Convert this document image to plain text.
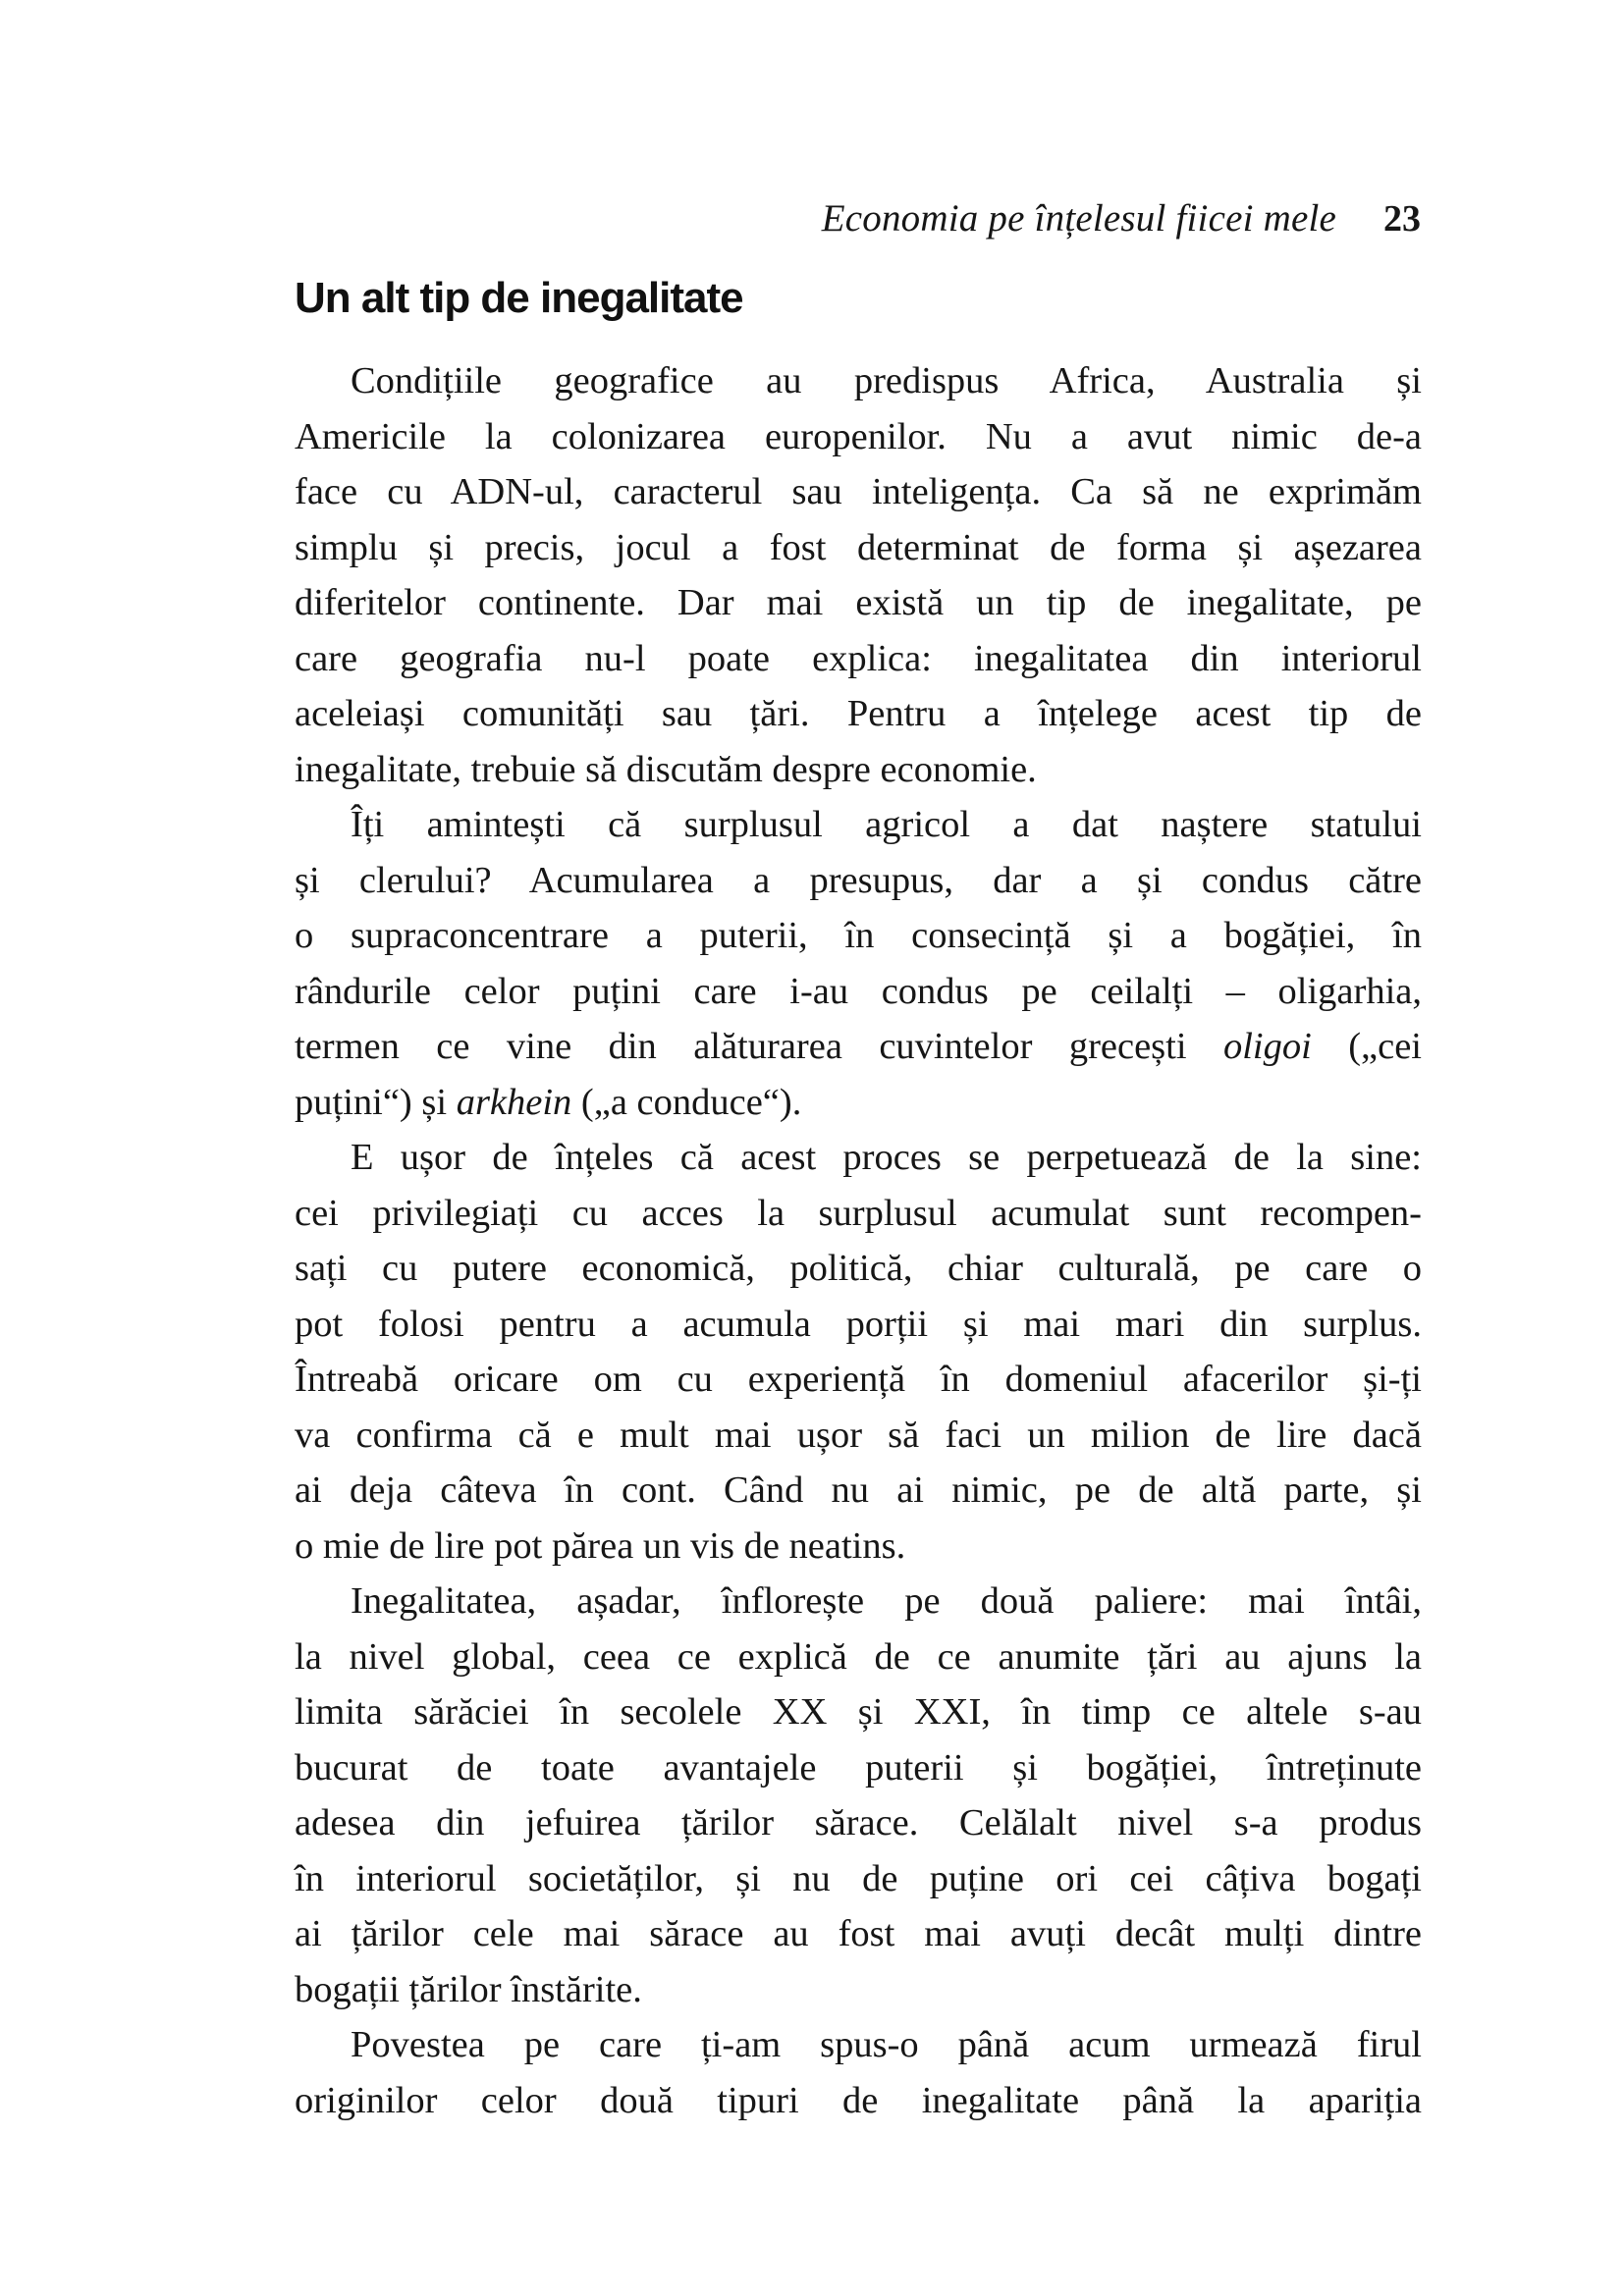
Economia pe înțelesul fiicei mele 23
Un alt tip de inegalitate
Condițiile geografice au predispus Africa, Australia și
Americile la colonizarea europenilor. Nu a avut nimic de-a
face cu ADN-ul, caracterul sau inteligența. Ca să ne exprimăm
simplu și precis, jocul a fost determinat de forma și așezarea
diferitelor continente. Dar mai există un tip de inegalitate, pe
care geografia nu-l poate explica: inegalitatea din interiorul
aceleiași comunități sau țări. Pentru a înțelege acest tip de
inegalitate, trebuie să discutăm despre economie.
Îți amintești că surplusul agricol a dat naștere statului
și clerului? Acumularea a presupus, dar a și condus către
o supraconcentrare a puterii, în consecință și a bogăției, în
rândurile celor puțini care i-au condus pe ceilalți – oligarhia,
termen ce vine din alăturarea cuvintelor grecești oligoi („cei
puțini“) și arkhein („a conduce“).
E ușor de înțeles că acest proces se perpetuează de la sine:
cei privilegiați cu acces la surplusul acumulat sunt recompen-
sați cu putere economică, politică, chiar culturală, pe care o
pot folosi pentru a acumula porții și mai mari din surplus.
Întreabă oricare om cu experiență în domeniul afacerilor și-ți
va confirma că e mult mai ușor să faci un milion de lire dacă
ai deja câteva în cont. Când nu ai nimic, pe de altă parte, și
o mie de lire pot părea un vis de neatins.
Inegalitatea, așadar, înflorește pe două paliere: mai întâi,
la nivel global, ceea ce explică de ce anumite țări au ajuns la
limita sărăciei în secolele XX și XXI, în timp ce altele s-au
bucurat de toate avantajele puterii și bogăției, întreținute
adesea din jefuirea țărilor sărace. Celălalt nivel s-a produs
în interiorul societăților, și nu de puține ori cei câțiva bogați
ai țărilor cele mai sărace au fost mai avuți decât mulți dintre
bogații țărilor înstărite.
Povestea pe care ți-am spus-o până acum urmează firul
originilor celor două tipuri de inegalitate până la apariția
